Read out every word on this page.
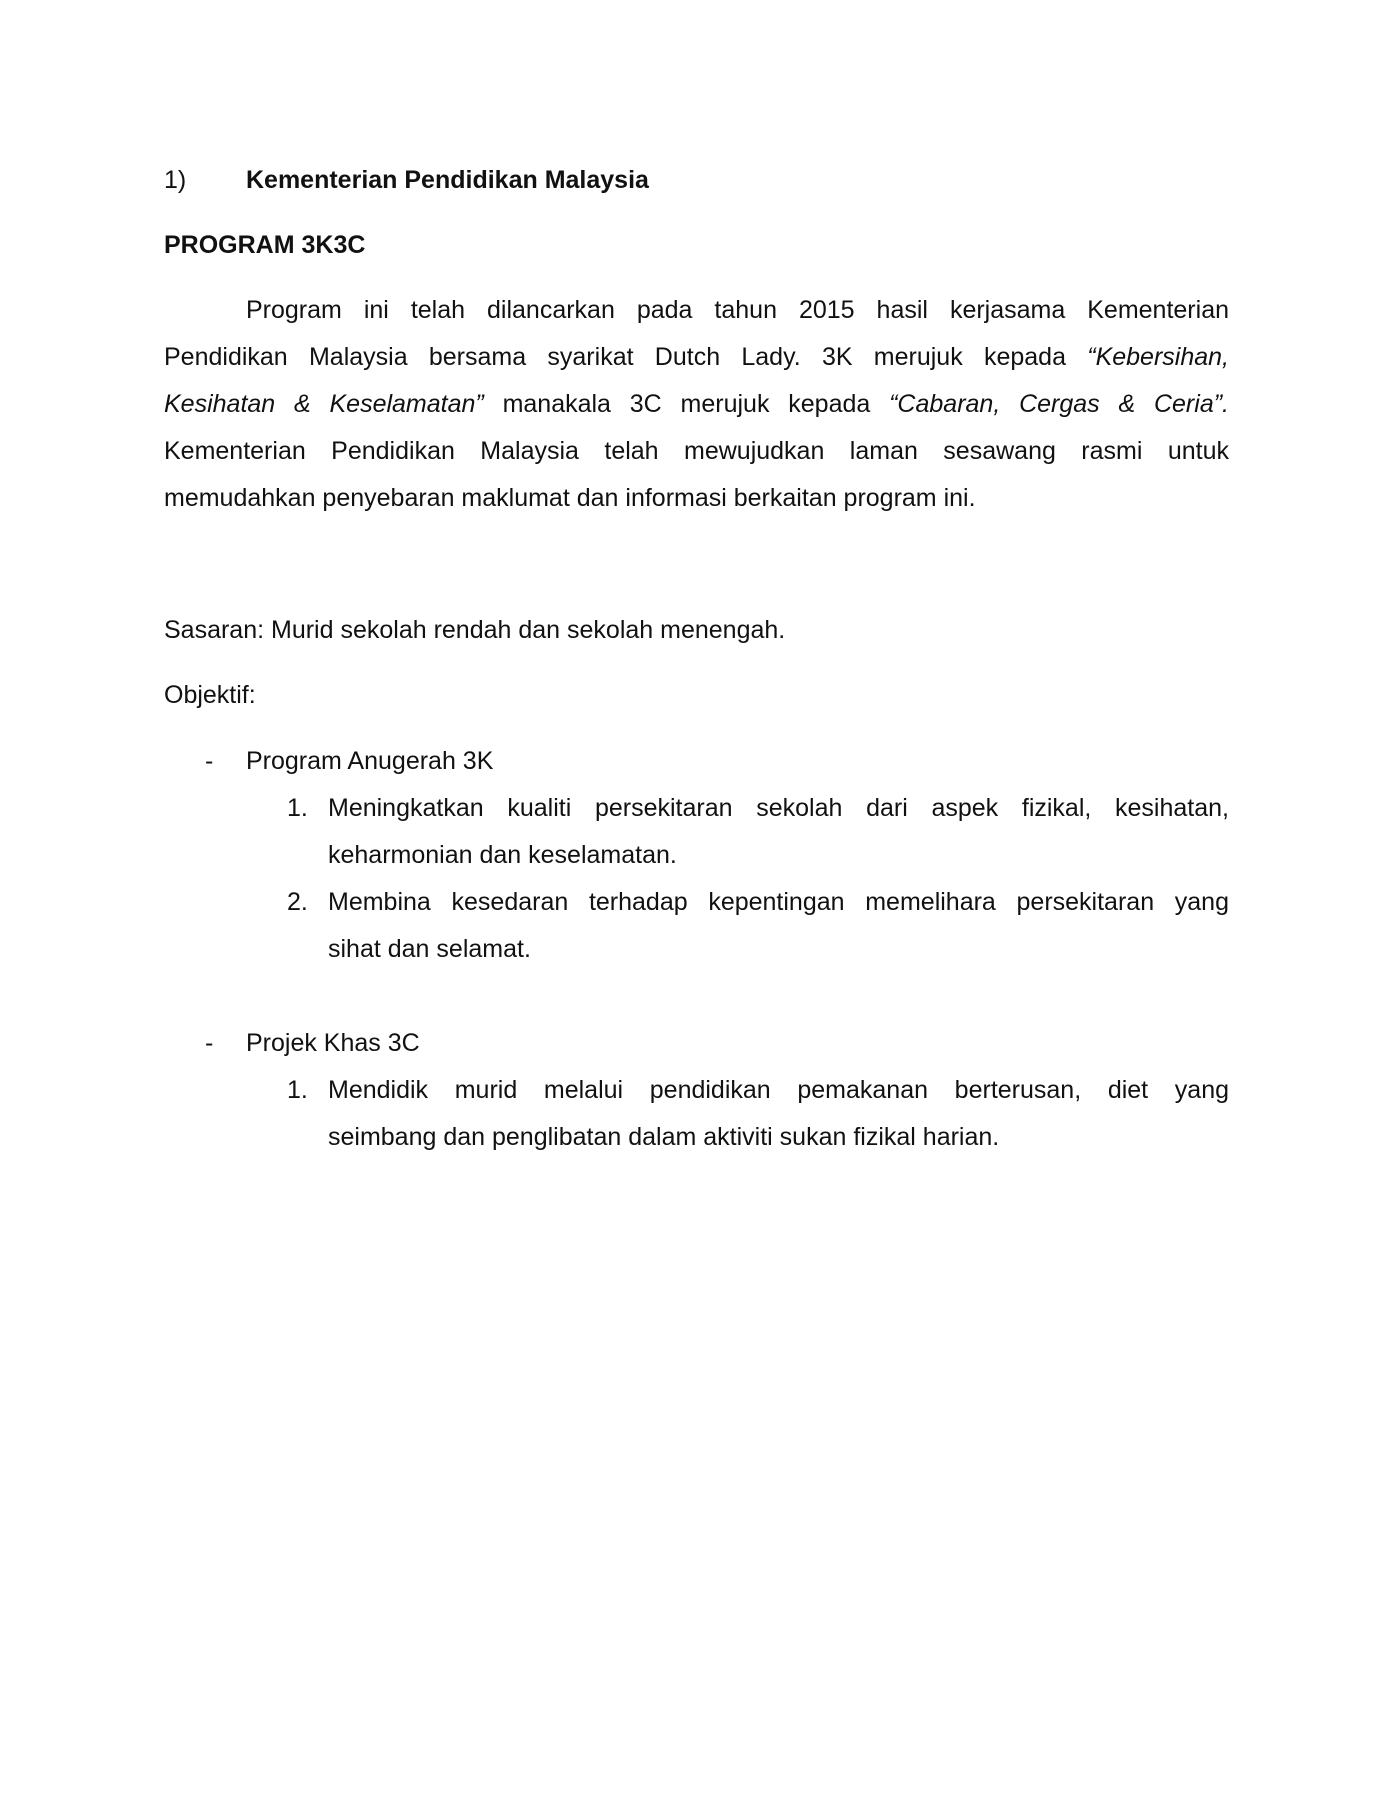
1) Kementerian Pendidikan Malaysia
PROGRAM 3K3C
Program ini telah dilancarkan pada tahun 2015 hasil kerjasama Kementerian
Pendidikan Malaysia bersama syarikat Dutch Lady. 3K merujuk kepada “Kebersihan,
Kesihatan & Keselamatan” manakala 3C merujuk kepada “Cabaran, Cergas & Ceria”.
Kementerian Pendidikan Malaysia telah mewujudkan laman sesawang rasmi untuk
memudahkan penyebaran maklumat dan informasi berkaitan program ini.
Sasaran: Murid sekolah rendah dan sekolah menengah.
Objektif:
- Program Anugerah 3K
1. Meningkatkan kualiti persekitaran sekolah dari aspek fizikal, kesihatan,
keharmonian dan keselamatan.
2. Membina kesedaran terhadap kepentingan memelihara persekitaran yang
sihat dan selamat.
- Projek Khas 3C
1. Mendidik murid melalui pendidikan pemakanan berterusan, diet yang
seimbang dan penglibatan dalam aktiviti sukan fizikal harian.
